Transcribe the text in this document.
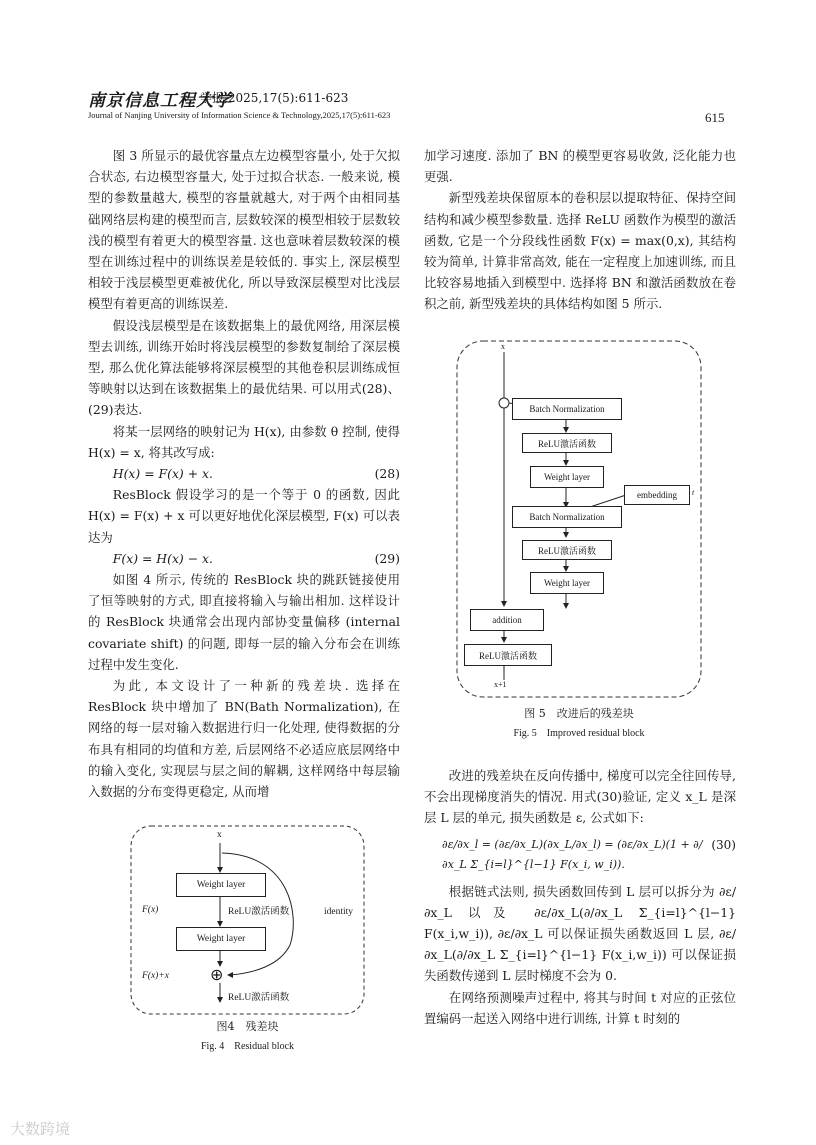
南京信息工程大学
学报,2025,17(5):611-623
Journal of Nanjing University of Information Science & Technology,2025,17(5):611-623	615

图 3 所显示的最优容量点左边模型容量小, 处于欠拟合状态, 右边模型容量大, 处于过拟合状态. 一般来说, 模型的参数量越大, 模型的容量就越大, 对于两个由相同基础网络层构建的模型而言, 层数较深的模型相较于层数较浅的模型有着更大的模型容量. 这也意味着层数较深的模型在训练过程中的训练误差是较低的. 事实上, 深层模型相较于浅层模型更难被优化, 所以导致深层模型对比浅层模型有着更高的训练误差.

假设浅层模型是在该数据集上的最优网络, 用深层模型去训练, 训练开始时将浅层模型的参数复制给了深层模型, 那么优化算法能够将深层模型的其他卷积层训练成恒等映射以达到在该数据集上的最优结果. 可以用式(28)、(29)表达.

将某一层网络的映射记为 H(x), 由参数 θ 控制, 使得 H(x) = x, 将其改写成:

H(x) = F(x) + x.	(28)

ResBlock 假设学习的是一个等于 0 的函数, 因此 H(x) = F(x) + x 可以更好地优化深层模型, F(x) 可以表达为

F(x) = H(x) − x.	(29)

如图 4 所示, 传统的 ResBlock 块的跳跃链接使用了恒等映射的方式, 即直接将输入与输出相加. 这样设计的 ResBlock 块通常会出现内部协变量偏移 (internal covariate shift) 的问题, 即每一层的输入分布会在训练过程中发生变化.

为此, 本文设计了一种新的残差块. 选择在 ResBlock 块中增加了 BN(Bath Normalization), 在网络的每一层对输入数据进行归一化处理, 使得数据的分布具有相同的均值和方差, 后层网络不必适应底层网络中的输入变化, 实现层与层之间的解耦, 这样网络中每层输入数据的分布变得更稳定, 从而增

x
Weight layer
ReLU激活函数
Weight layer
⊕
ReLU激活函数
F(x)
F(x)+x
identity
图4　残差块
Fig. 4　Residual block

加学习速度. 添加了 BN 的模型更容易收敛, 泛化能力也更强.

新型残差块保留原本的卷积层以提取特征、保持空间结构和减少模型参数量. 选择 ReLU 函数作为模型的激活函数, 它是一个分段线性函数 F(x) = max(0,x), 其结构较为简单, 计算非常高效, 能在一定程度上加速训练, 而且比较容易地插入到模型中. 选择将 BN 和激活函数放在卷积之前, 新型残差块的具体结构如图 5 所示.

x
Batch Normalization
ReLU激活函数
Weight layer
embedding	t
Batch Normalization
ReLU激活函数
Weight layer
addition
ReLU激活函数
x+1
图 5　改进后的残差块
Fig. 5　Improved residual block

改进的残差块在反向传播中, 梯度可以完全往回传导, 不会出现梯度消失的情况. 用式(30)验证, 定义 x_L 是深层 L 层的单元, 损失函数是 ε, 公式如下:

∂ε/∂x_l = (∂ε/∂x_L)(∂x_L/∂x_l) = (∂ε/∂x_L)(1 + ∂/∂x_L Σ_{i=l}^{l−1} F(x_i, w_i)).
(30)

根据链式法则, 损失函数回传到 L 层可以拆分为 ∂ε/∂x_L 以及 ∂ε/∂x_L(∂/∂x_L Σ_{i=l}^{l−1} F(x_i,w_i)), ∂ε/∂x_L 可以保证损失函数返回 L 层, ∂ε/∂x_L(∂/∂x_L Σ_{i=l}^{l−1} F(x_i,w_i)) 可以保证损失函数传递到 L 层时梯度不会为 0.

在网络预测噪声过程中, 将其与时间 t 对应的正弦位置编码一起送入网络中进行训练, 计算 t 时刻的

大数跨境
